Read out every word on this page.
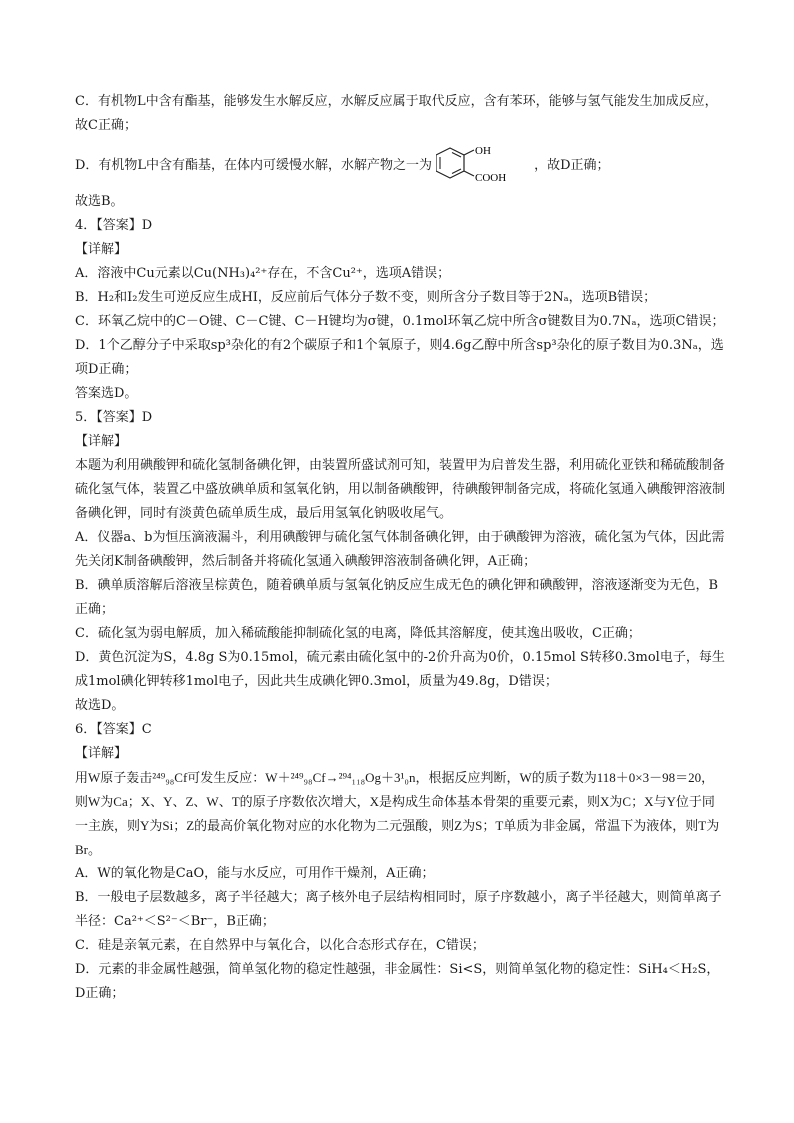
C．有机物L中含有酯基，能够发生水解反应，水解反应属于取代反应，含有苯环，能够与氢气能发生加成反应，故C正确；

D．有机物L中含有酯基，在体内可缓慢水解，水解产物之一为
OH
COOH
，故D正确；

故选B。

4．【答案】D

【详解】

A．溶液中Cu元素以Cu(NH₃)₄²⁺存在，不含Cu²⁺，选项A错误；

B．H₂和I₂发生可逆反应生成HI，反应前后气体分子数不变，则所含分子数目等于2Nₐ，选项B错误；

C．环氧乙烷中的C－O键、C－C键、C－H键均为σ键，0.1mol环氧乙烷中所含σ键数目为0.7Nₐ，选项C错误；

D．1个乙醇分子中采取sp³杂化的有2个碳原子和1个氧原子，则4.6g乙醇中所含sp³杂化的原子数目为0.3Nₐ，选项D正确；

答案选D。

5．【答案】D

【详解】

本题为利用碘酸钾和硫化氢制备碘化钾，由装置所盛试剂可知，装置甲为启普发生器，利用硫化亚铁和稀硫酸制备硫化氢气体，装置乙中盛放碘单质和氢氧化钠，用以制备碘酸钾，待碘酸钾制备完成，将硫化氢通入碘酸钾溶液制备碘化钾，同时有淡黄色硫单质生成，最后用氢氧化钠吸收尾气。

A．仪器a、b为恒压滴液漏斗，利用碘酸钾与硫化氢气体制备碘化钾，由于碘酸钾为溶液，硫化氢为气体，因此需先关闭K制备碘酸钾，然后制备并将硫化氢通入碘酸钾溶液制备碘化钾，A正确；

B．碘单质溶解后溶液呈棕黄色，随着碘单质与氢氧化钠反应生成无色的碘化钾和碘酸钾，溶液逐渐变为无色，B正确；

C．硫化氢为弱电解质，加入稀硫酸能抑制硫化氢的电离，降低其溶解度，使其逸出吸收，C正确；

D．黄色沉淀为S，4.8g S为0.15mol，硫元素由硫化氢中的-2价升高为0价，0.15mol S转移0.3mol电子，每生成1mol碘化钾转移1mol电子，因此共生成碘化钾0.3mol，质量为49.8g，D错误；

故选D。

6．【答案】C

【详解】

用W原子轰击²⁴⁹₉₈Cf可发生反应：W＋²⁴⁹₉₈Cf→²⁹⁴₁₁₈Og＋3¹₀n，根据反应判断，W的质子数为118＋0×3－98＝20，则W为Ca；X、Y、Z、W、T的原子序数依次增大，X是构成生命体基本骨架的重要元素，则X为C；X与Y位于同一主族，则Y为Si；Z的最高价氧化物对应的水化物为二元强酸，则Z为S；T单质为非金属，常温下为液体，则T为Br。

A．W的氧化物是CaO，能与水反应，可用作干燥剂，A正确；

B．一般电子层数越多，离子半径越大；离子核外电子层结构相同时，原子序数越小，离子半径越大，则简单离子半径：Ca²⁺＜S²⁻＜Br⁻，B正确；

C．硅是亲氧元素，在自然界中与氧化合，以化合态形式存在，C错误；

D．元素的非金属性越强，简单氢化物的稳定性越强，非金属性：Si<S，则简单氢化物的稳定性：SiH₄＜H₂S，D正确；
